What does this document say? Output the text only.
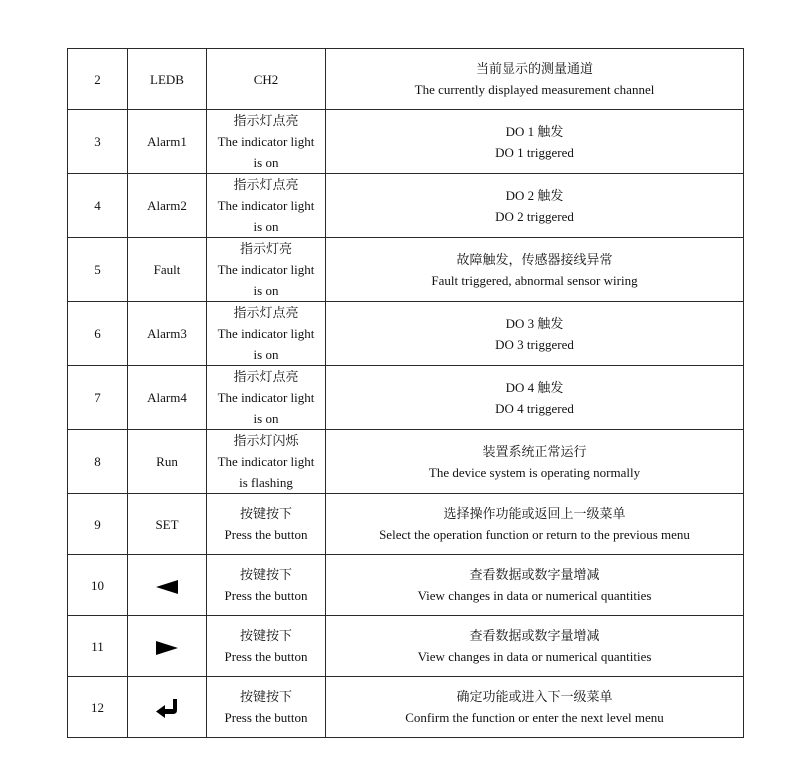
2	LEDB	CH2	当前显示的测量通道
The currently displayed measurement channel

3	Alarm1	指示灯点亮
The indicator light
is on	DO 1 触发
DO 1 triggered

4	Alarm2	指示灯点亮
The indicator light
is on	DO 2 触发
DO 2 triggered

5	Fault	指示灯亮
The indicator light
is on	故障触发，传感器接线异常
Fault triggered, abnormal sensor wiring

6	Alarm3	指示灯点亮
The indicator light
is on	DO 3 触发
DO 3 triggered

7	Alarm4	指示灯点亮
The indicator light
is on	DO 4 触发
DO 4 triggered

8	Run	指示灯闪烁
The indicator light
is flashing	装置系统正常运行
The device system is operating normally

9	SET	按键按下
Press the button	选择操作功能或返回上一级菜单
Select the operation function or return to the previous menu

10		按键按下
Press the button	查看数据或数字量增减
View changes in data or numerical quantities

11		按键按下
Press the button	查看数据或数字量增减
View changes in data or numerical quantities

12		按键按下
Press the button	确定功能或进入下一级菜单
Confirm the function or enter the next level menu
